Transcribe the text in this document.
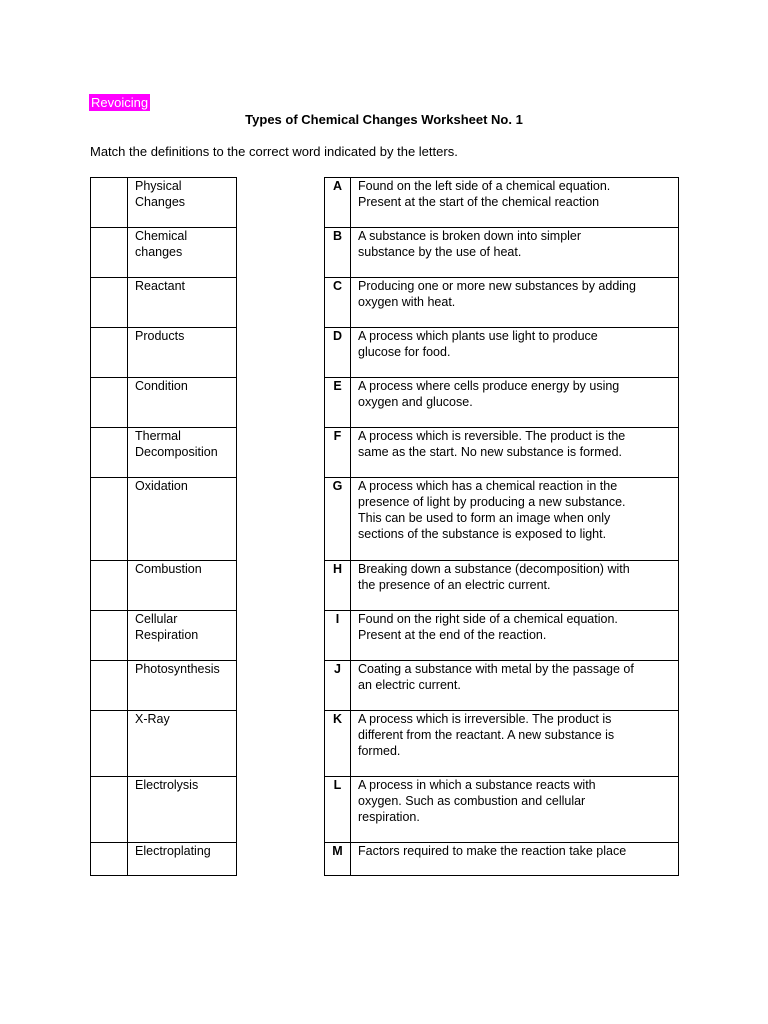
Revoicing
Types of Chemical Changes Worksheet No. 1
Match the definitions to the correct word indicated by the letters.

	Physical
Changes

	Chemical
changes

	Reactant

	Products

	Condition

	Thermal
Decomposition

	Oxidation

	Combustion

	Cellular
Respiration

	Photosynthesis

	X-Ray

	Electrolysis

	Electroplating
A	Found on the left side of a chemical equation.
Present at the start of the chemical reaction

B	A substance is broken down into simpler
substance by the use of heat.

C	Producing one or more new substances by adding
oxygen with heat.

D	A process which plants use light to produce
glucose for food.

E	A process where cells produce energy by using
oxygen and glucose.

F	A process which is reversible. The product is the
same as the start. No new substance is formed.

G	A process which has a chemical reaction in the
presence of light by producing a new substance.
This can be used to form an image when only
sections of the substance is exposed to light.

H	Breaking down a substance (decomposition) with
the presence of an electric current.

I	Found on the right side of a chemical equation.
Present at the end of the reaction.

J	Coating a substance with metal by the passage of
an electric current.

K	A process which is irreversible. The product is
different from the reactant. A new substance is
formed.

L	A process in which a substance reacts with
oxygen. Such as combustion and cellular
respiration.

M	Factors required to make the reaction take place
